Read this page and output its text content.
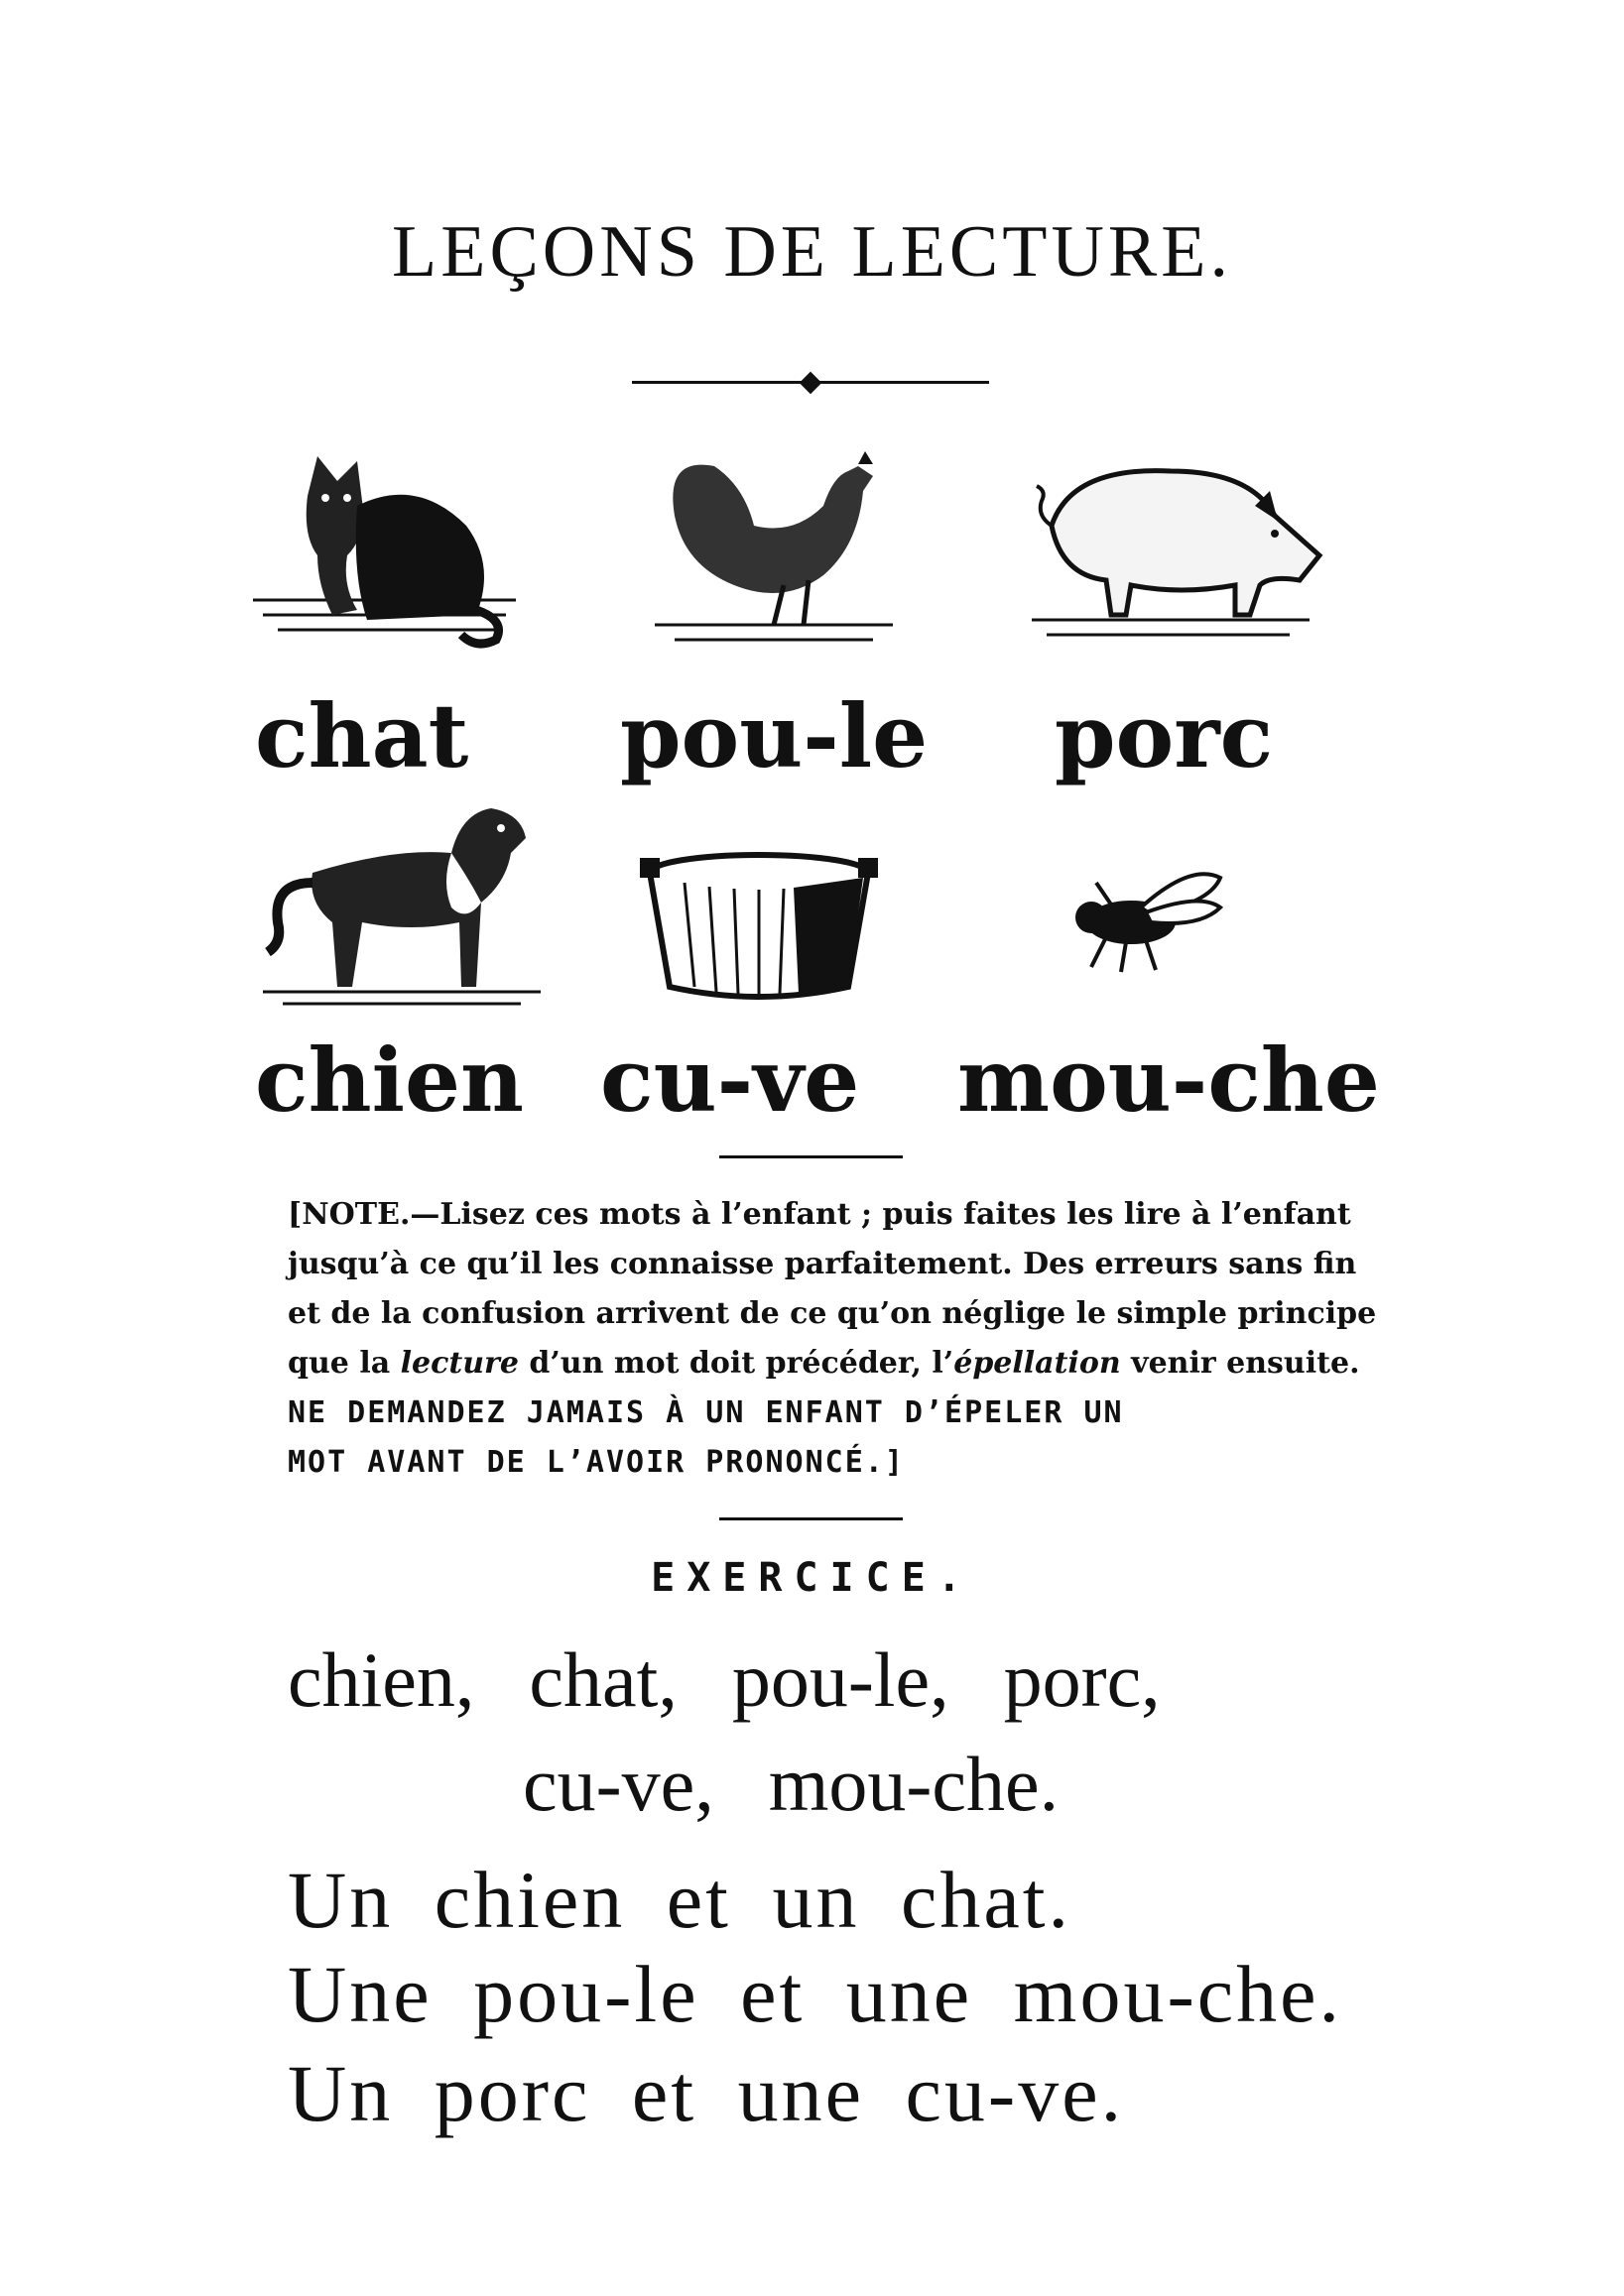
LEÇONS DE LECTURE.
chat pou-le porc
chien cu-ve mou-che
[NOTE.—Lisez ces mots à l’enfant ; puis faites les lire à l’enfant
jusqu’à ce qu’il les connaisse parfaitement. Des erreurs sans fin
et de la confusion arrivent de ce qu’on néglige le simple principe
que la lecture d’un mot doit précéder, l’épellation venir ensuite.
NE DEMANDEZ JAMAIS À UN ENFANT D’ÉPELER UN
MOT AVANT DE L’AVOIR PRONONCÉ.]
EXERCICE.
chien,  chat,  pou-le,  porc,
cu-ve,  mou-che.
Un chien et un chat.
Une pou-le et une mou-che.
Un porc et une cu-ve.
